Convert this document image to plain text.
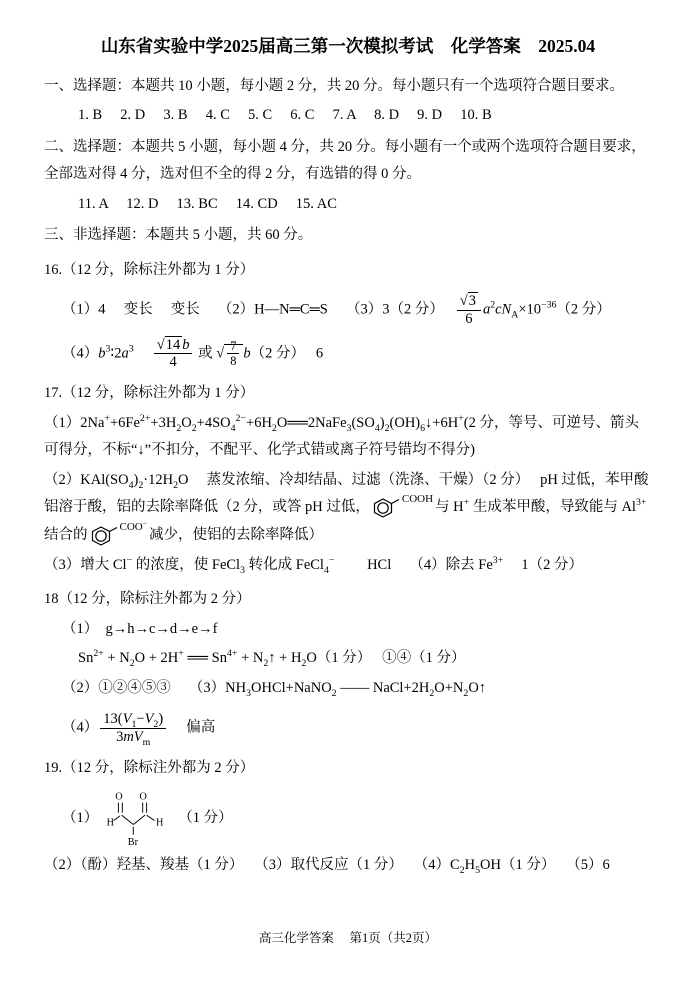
山东省实验中学2025届高三第一次模拟考试　化学答案　2025.04

一、选择题：本题共 10 小题，每小题 2 分，共 20 分。每小题只有一个选项符合题目要求。

1. B　 2. D　 3. B　 4. C　 5. C　 6. C　 7. A　 8. D　 9. D　 10. B

二、选择题：本题共 5 小题，每小题 4 分，共 20 分。每小题有一个或两个选项符合题目要求，全部选对得 4 分，选对但不全的得 2 分，有选错的得 0 分。

11. A　 12. D　 13. BC　 14. CD　 15. AC

三、非选择题：本题共 5 小题，共 60 分。

16.（12 分，除标注外都为 1 分）

（1）4　 变长　 变长　 （2）H—N═C═S　 （3）3（2 分）　 $\frac{√3}{6} a^2cN_A\times 10^{-36}(2$ 分）

$(4)b^3∶2a^3$　 $\frac{√14 b}{4}$ 或 √ $\frac{7}{8} b(2$ 分）　 6

17.（12 分，除标注外都为 1 分）

$(1)2Na^++6Fe^{2+}+3H_2O_2+4SO_4^{2-}+6H_2O══2NaFe_3(SO_4)_2(OH)_6↓+6H^+(2$ 分，等号、可逆号、箭头可得分，不标“↓”不扣分，不配平、化学式错或离子符号错均不得分)

$(2)KAl(SO_4)_2\cdot 12H_2O$　 蒸发浓缩、冷却结晶、过滤（洗涤、干燥）（2 分）　 pH 过低，苯甲酸铝溶于酸，铝的去除率降低（2 分，或答 pH 过低，$^{COOH}$与 H+ 生成苯甲酸，导致能与 $Al^{3+}$ 结合的$^{COO^-}$减少，使铝的去除率降低）

（3）增大 Cl− 的浓度，使 FeCl$_3$ 转化成 FeCl$_4$−　　 HCl　 （4）除去 $Fe^{3+}$　 1（2 分）

18（12 分，除标注外都为 2 分）

（1）　g→h→c→d→e→f

$Sn^{2+} + N_2O + 2H^+$ ══ $Sn^{4+}$ + $N_2↑ + H_2O(1$ 分）　 ①④（1 分）

（2）①②④⑤③　 $(3)NH_3OHCl+NaNO_2$ —— $NaCl+2H_2O+N_2O↑$

$(4) \frac{13(V_1-V_2)}{3mV_m}$ 　 偏高

19.（12 分，除标注外都为 2 分）

（1）
O
H
Br
O
H （1 分）

（2）（酚）羟基、羧基（1 分）　 （3）取代反应（1 分）　 $(4)C_2H_5OH(1$ 分）　 （5）6

高三化学答案　 第1页（共2页）
